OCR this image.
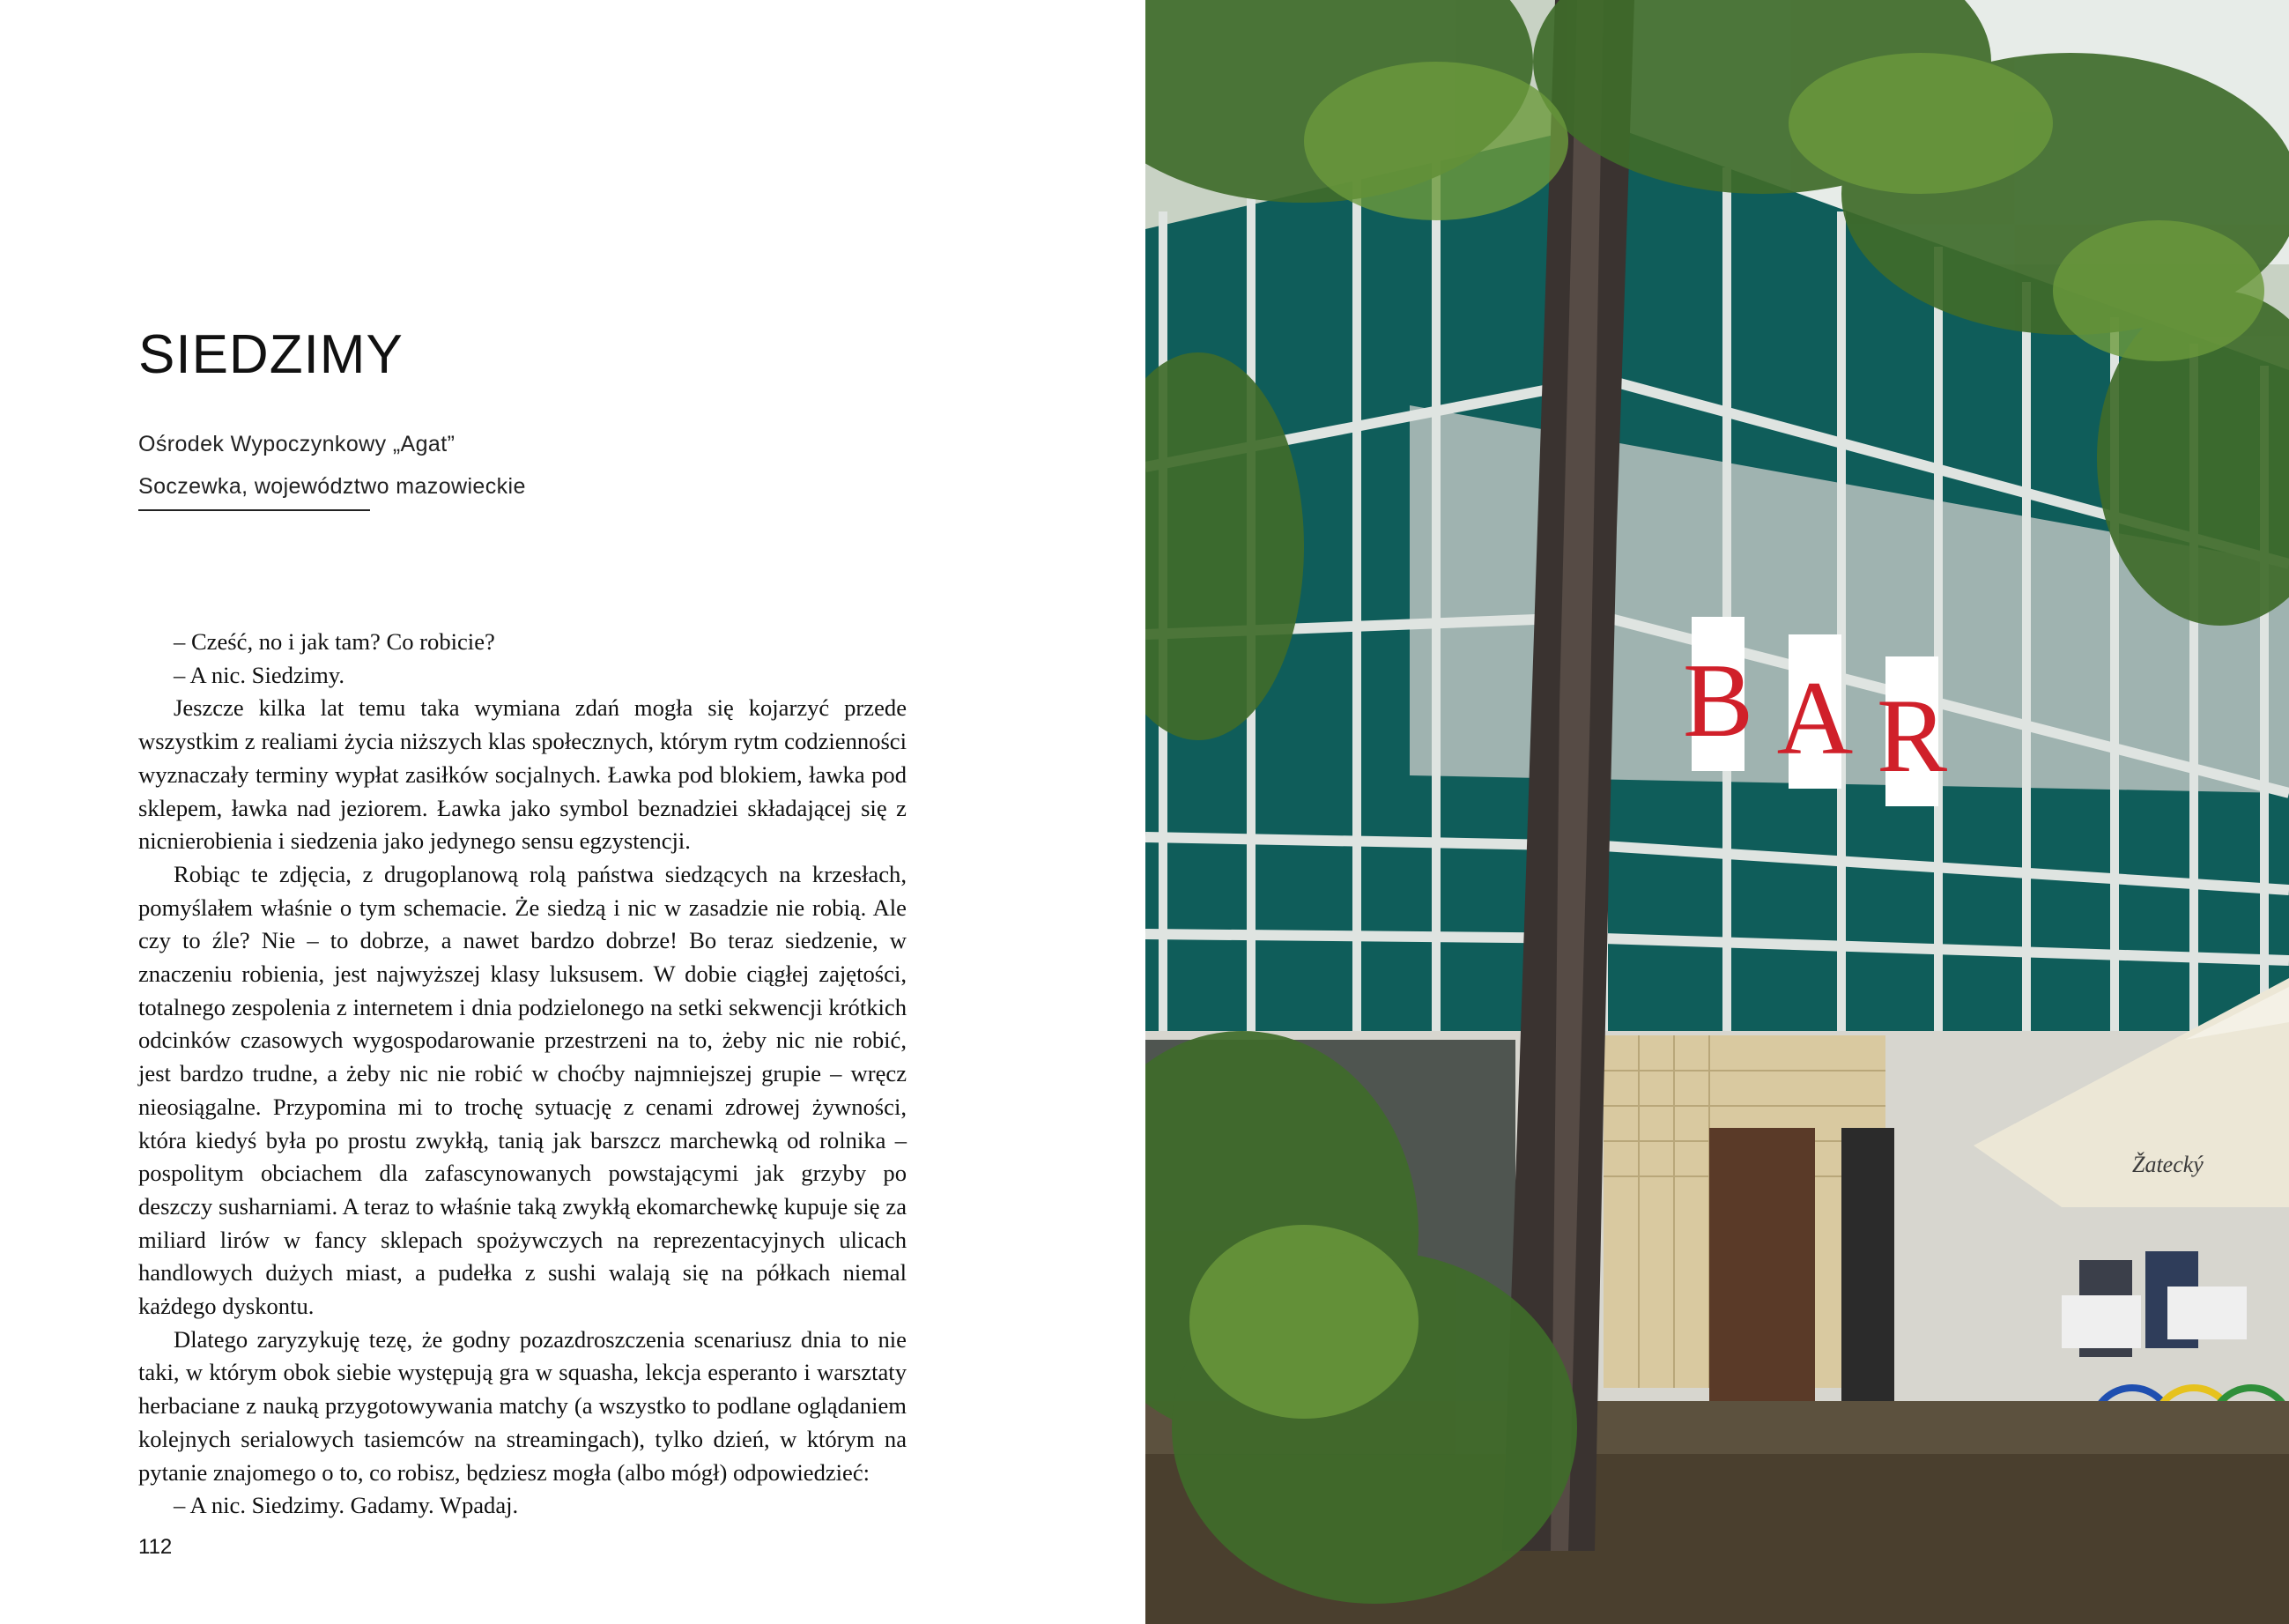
SIEDZIMY
Ośrodek Wypoczynkowy „Agat”
Soczewka, województwo mazowieckie

– Cześć, no i jak tam? Co robicie?

– A nic. Siedzimy.

Jeszcze kilka lat temu taka wymiana zdań mogła się kojarzyć przede wszystkim z realiami życia niższych klas społecznych, którym rytm codzienności wyznaczały terminy wypłat zasiłków socjalnych. Ławka pod blokiem, ławka pod sklepem, ławka nad jeziorem. Ławka jako symbol beznadziei składającej się z nicnierobienia i siedzenia jako jedynego sensu egzystencji.

Robiąc te zdjęcia, z drugoplanową rolą państwa siedzących na krzesłach, pomyślałem właśnie o tym schemacie. Że siedzą i nic w zasadzie nie robią. Ale czy to źle? Nie – to dobrze, a nawet bardzo dobrze! Bo teraz siedzenie, w znaczeniu robienia, jest najwyższej klasy luksusem. W dobie ciągłej zajętości, totalnego zespolenia z internetem i dnia podzielonego na setki sekwencji krótkich odcinków czasowych wygospodarowanie przestrzeni na to, żeby nic nie robić, jest bardzo trudne, a żeby nic nie robić w choćby najmniejszej grupie – wręcz nieosiągalne. Przypomina mi to trochę sytuację z cenami zdrowej żywności, która kiedyś była po prostu zwykłą, tanią jak barszcz marchewką od rolnika – pospolitym obciachem dla zafascynowanych powstającymi jak grzyby po deszczy susharniami. A teraz to właśnie taką zwykłą ekomarchewkę kupuje się za miliard lirów w fancy sklepach spożywczych na reprezentacyjnych ulicach handlowych dużych miast, a pudełka z sushi walają się na półkach niemal każdego dyskontu.

Dlatego zaryzykuję tezę, że godny pozazdroszczenia scenariusz dnia to nie taki, w którym obok siebie występują gra w squasha, lekcja esperanto i warsztaty herbaciane z nauką przygotowywania matchy (a wszystko to podlane oglądaniem kolejnych serialowych tasiemców na streamingach), tylko dzień, w którym na pytanie znajomego o to, co robisz, będziesz mogła (albo mógł) odpowiedzieć:

– A nic. Siedzimy. Gadamy. Wpadaj.

112
B A R
Žatecký
